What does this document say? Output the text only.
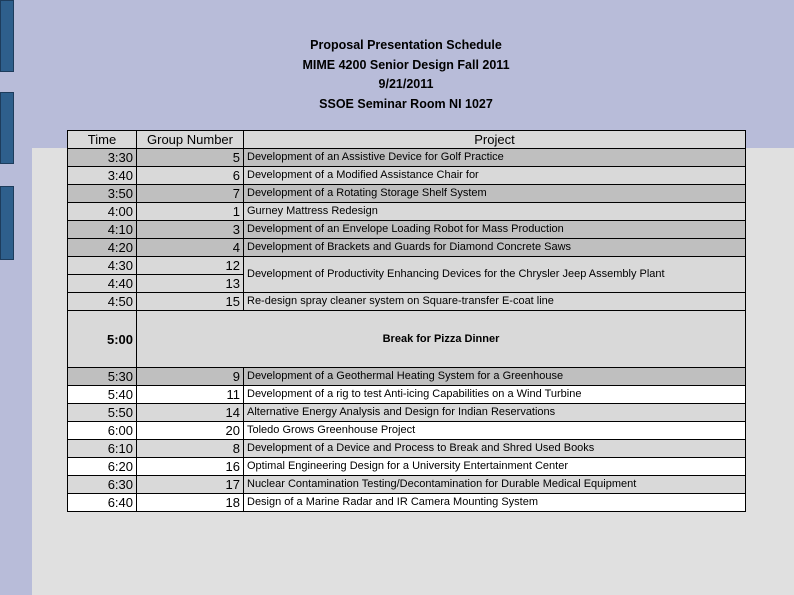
Proposal Presentation Schedule
MIME 4200 Senior Design Fall 2011
9/21/2011
SSOE Seminar Room NI 1027
Time	Group Number	Project
3:30	5	Development of an Assistive Device for Golf Practice
3:40	6	Development of a Modified Assistance Chair for
3:50	7	Development of a Rotating Storage Shelf System
4:00	1	Gurney Mattress Redesign
4:10	3	Development of an Envelope Loading Robot for Mass Production
4:20	4	Development of Brackets and Guards for Diamond Concrete Saws
4:30	12	Development of Productivity Enhancing Devices for the Chrysler Jeep Assembly Plant
4:40	13	
4:50	15	Re-design spray cleaner system on Square-transfer E-coat line
5:00	Break for Pizza Dinner	
5:30	9	Development of a Geothermal Heating System for a Greenhouse
5:40	11	Development of a rig to test Anti-icing Capabilities on a Wind Turbine
5:50	14	Alternative Energy Analysis and Design for Indian Reservations
6:00	20	Toledo Grows Greenhouse Project
6:10	8	Development of a Device and Process to Break and Shred Used Books
6:20	16	Optimal Engineering Design for a University Entertainment Center
6:30	17	Nuclear Contamination Testing/Decontamination for Durable Medical Equipment
6:40	18	Design of a Marine Radar and IR Camera Mounting System
